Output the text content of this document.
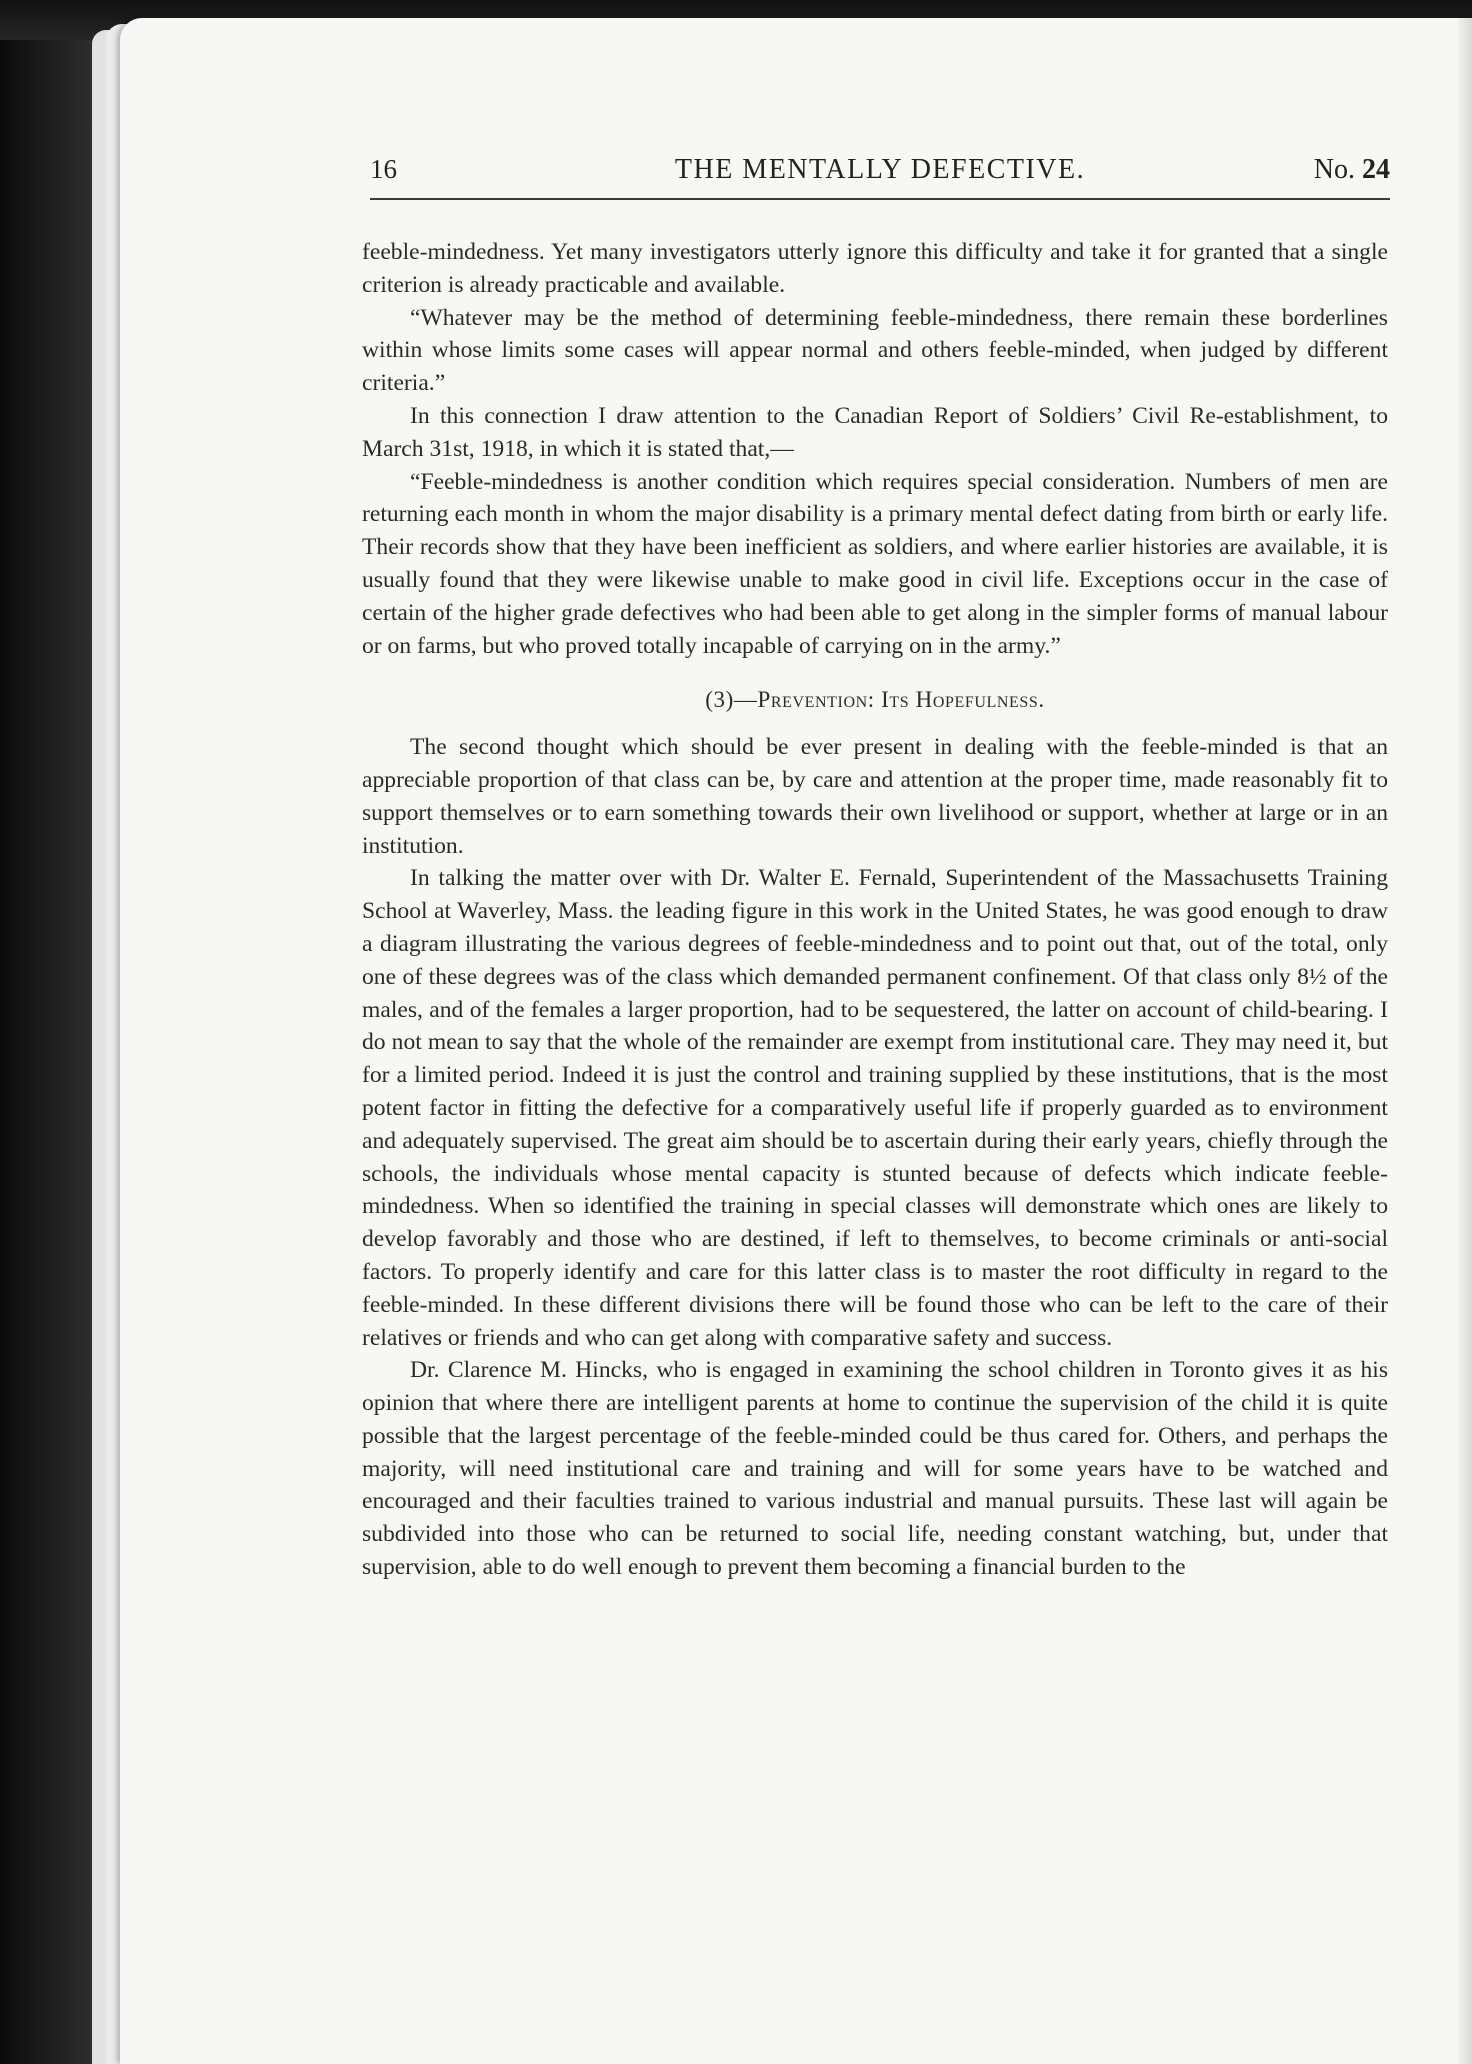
16	THE MENTALLY DEFECTIVE.	No. 24

feeble-mindedness. Yet many investigators utterly ignore this difficulty and take it for granted that a single criterion is already practicable and available.

“Whatever may be the method of determining feeble-mindedness, there remain these borderlines within whose limits some cases will appear normal and others feeble-minded, when judged by different criteria.”

In this connection I draw attention to the Canadian Report of Soldiers’ Civil Re-establishment, to March 31st, 1918, in which it is stated that,—

“Feeble-mindedness is another condition which requires special consideration. Numbers of men are returning each month in whom the major disability is a primary mental defect dating from birth or early life. Their records show that they have been inefficient as soldiers, and where earlier histories are available, it is usually found that they were likewise unable to make good in civil life. Exceptions occur in the case of certain of the higher grade defectives who had been able to get along in the simpler forms of manual labour or on farms, but who proved totally incapable of carrying on in the army.”

(3)—Prevention: Its Hopefulness.

The second thought which should be ever present in dealing with the feeble-minded is that an appreciable proportion of that class can be, by care and attention at the proper time, made reasonably fit to support themselves or to earn something towards their own livelihood or support, whether at large or in an institution.

In talking the matter over with Dr. Walter E. Fernald, Superintendent of the Massachusetts Training School at Waverley, Mass. the leading figure in this work in the United States, he was good enough to draw a diagram illustrating the various degrees of feeble-mindedness and to point out that, out of the total, only one of these degrees was of the class which demanded permanent confinement. Of that class only 8½ of the males, and of the females a larger proportion, had to be sequestered, the latter on account of child-bearing. I do not mean to say that the whole of the remainder are exempt from institutional care. They may need it, but for a limited period. Indeed it is just the control and training supplied by these institutions, that is the most potent factor in fitting the defective for a comparatively useful life if properly guarded as to environment and adequately supervised. The great aim should be to ascertain during their early years, chiefly through the schools, the individuals whose mental capacity is stunted because of defects which indicate feeble-mindedness. When so identified the training in special classes will demonstrate which ones are likely to develop favorably and those who are destined, if left to themselves, to become criminals or anti-social factors. To properly identify and care for this latter class is to master the root difficulty in regard to the feeble-minded. In these different divisions there will be found those who can be left to the care of their relatives or friends and who can get along with comparative safety and success.

Dr. Clarence M. Hincks, who is engaged in examining the school children in Toronto gives it as his opinion that where there are intelligent parents at home to continue the supervision of the child it is quite possible that the largest percentage of the feeble-minded could be thus cared for. Others, and perhaps the majority, will need institutional care and training and will for some years have to be watched and encouraged and their faculties trained to various industrial and manual pursuits. These last will again be subdivided into those who can be returned to social life, needing constant watching, but, under that supervision, able to do well enough to prevent them becoming a financial burden to the
